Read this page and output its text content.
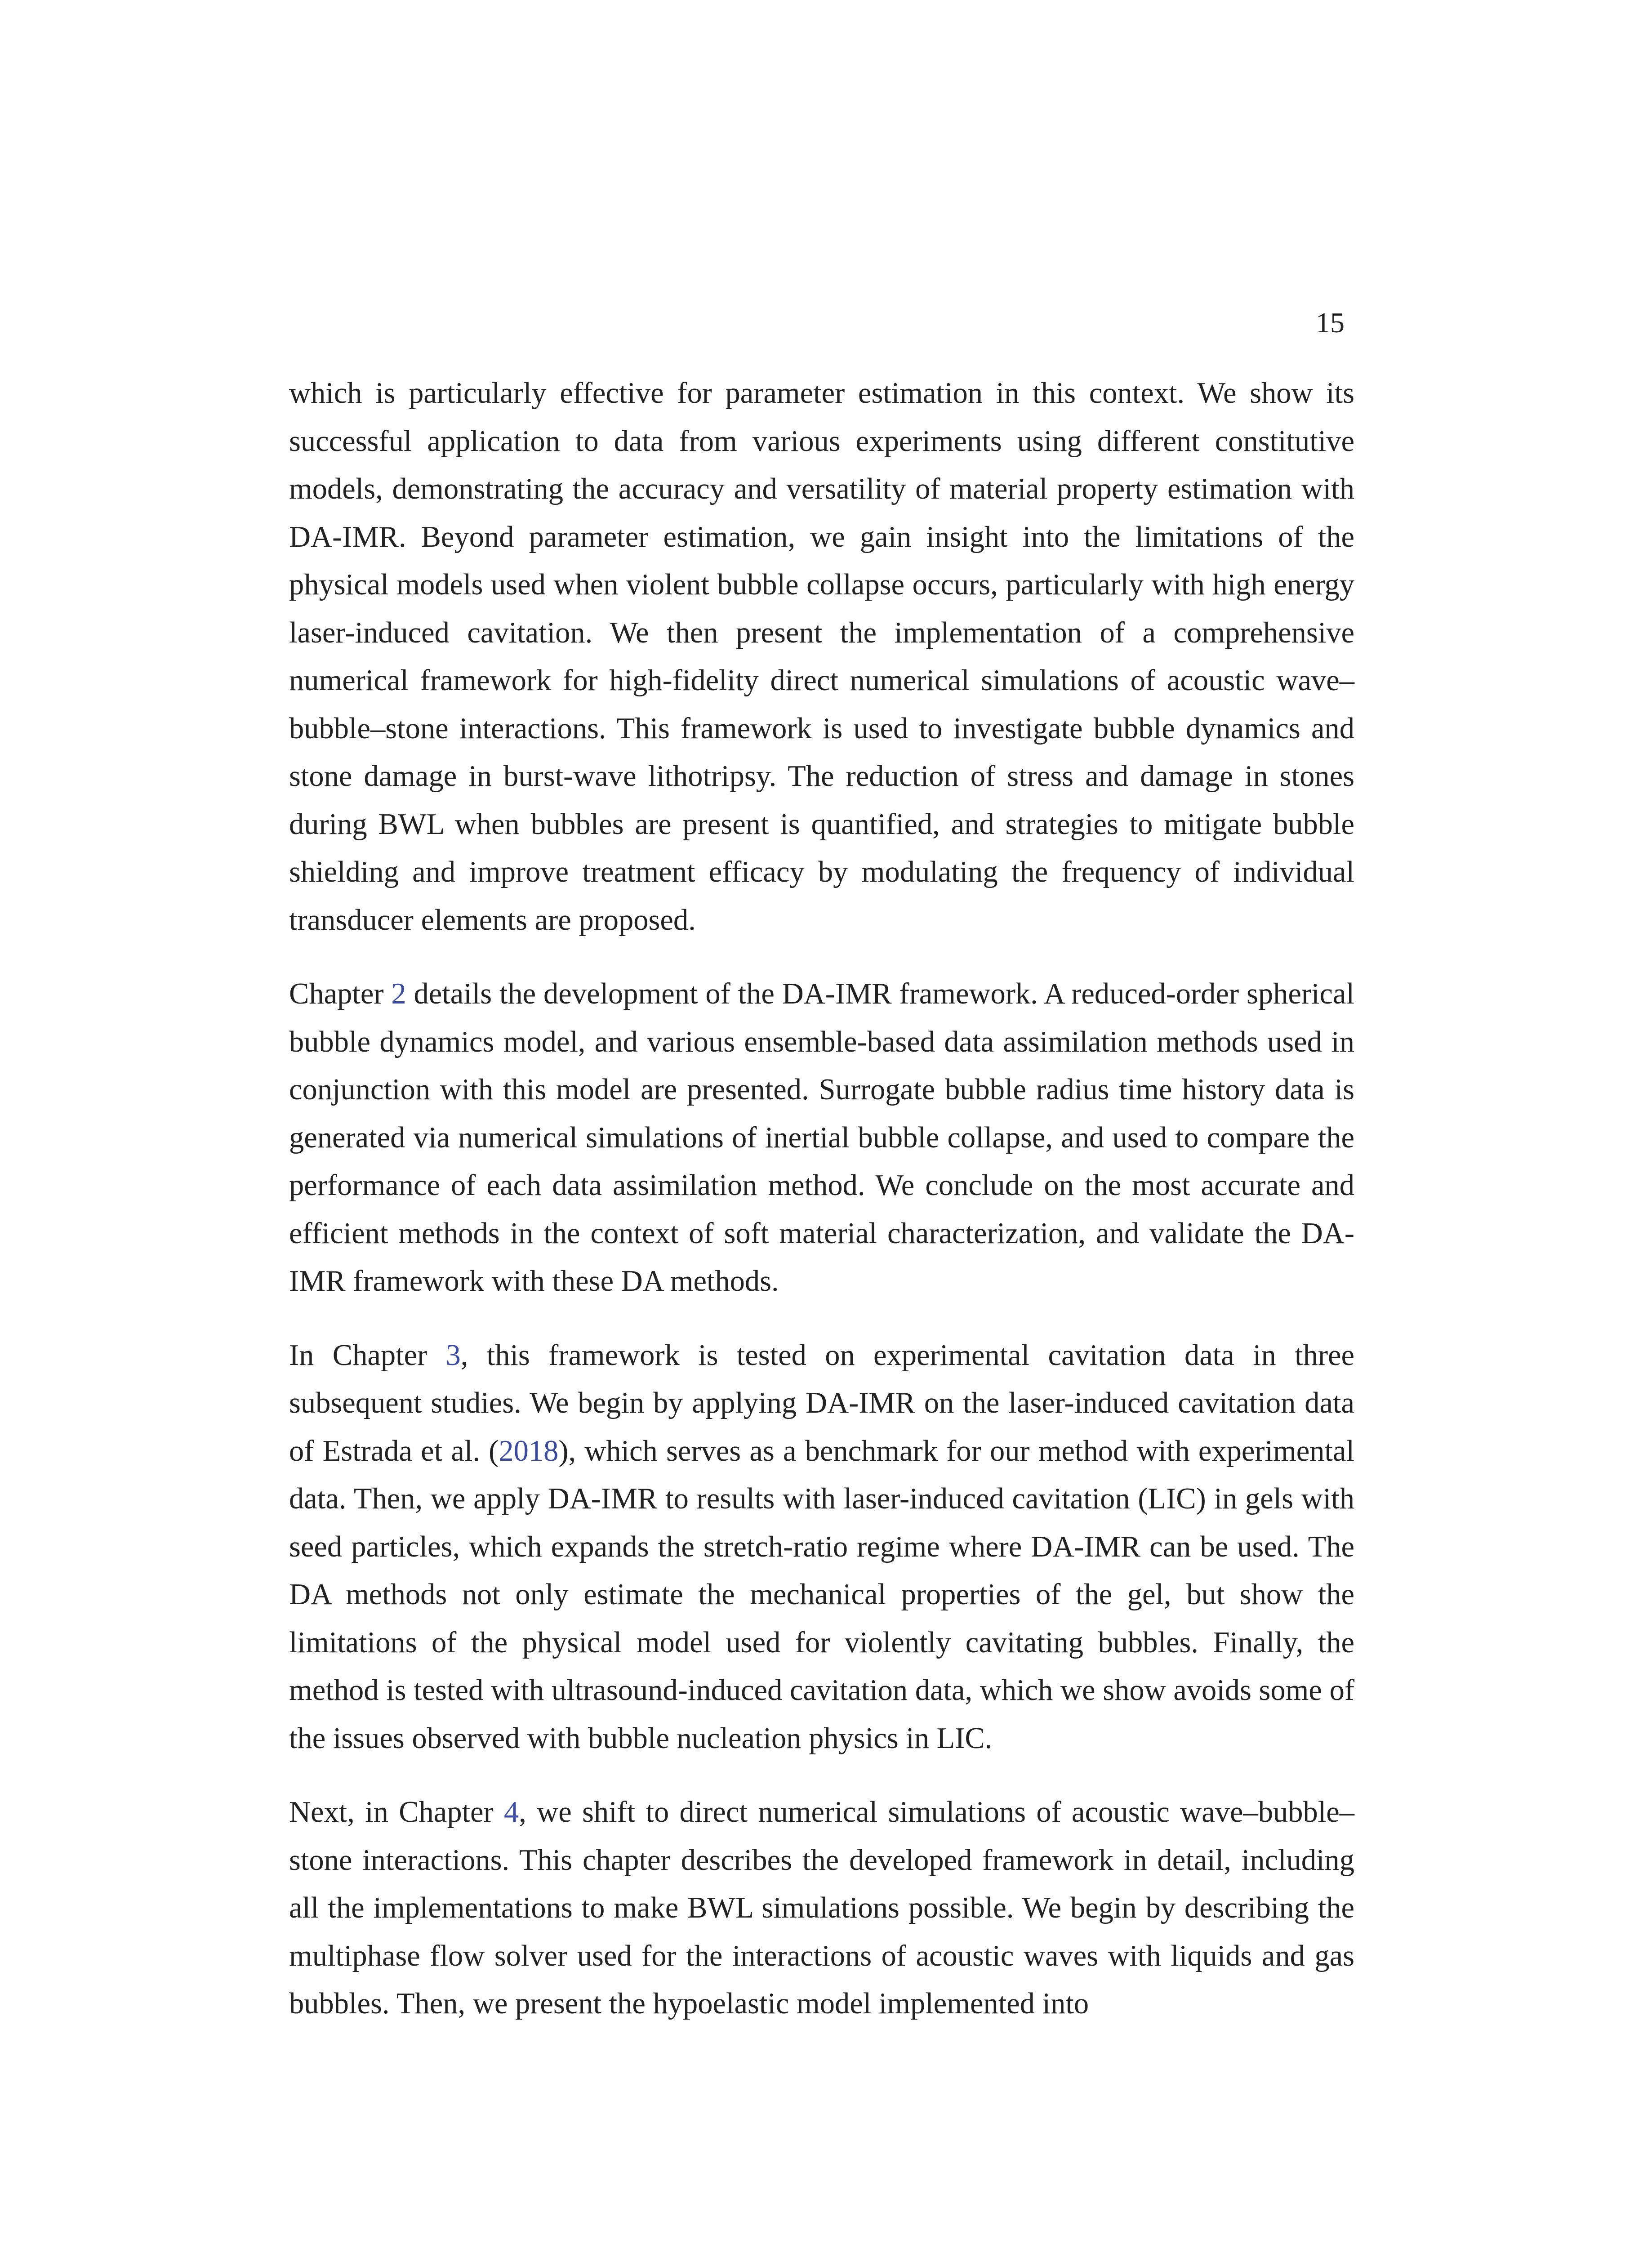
15

which is particularly effective for parameter estimation in this context. We show its successful application to data from various experiments using different constitutive models, demonstrating the accuracy and versatility of material property estimation with DA-IMR. Beyond parameter estimation, we gain insight into the limitations of the physical models used when violent bubble collapse occurs, particularly with high energy laser-induced cavitation. We then present the implementation of a comprehensive numerical framework for high-fidelity direct numerical simulations of acoustic wave–bubble–stone interactions. This framework is used to investigate bubble dynamics and stone damage in burst-wave lithotripsy. The reduction of stress and damage in stones during BWL when bubbles are present is quantified, and strategies to mitigate bubble shielding and improve treatment efficacy by modulating the frequency of individual transducer elements are proposed.

Chapter 2 details the development of the DA-IMR framework. A reduced-order spherical bubble dynamics model, and various ensemble-based data assimilation methods used in conjunction with this model are presented. Surrogate bubble radius time history data is generated via numerical simulations of inertial bubble collapse, and used to compare the performance of each data assimilation method. We conclude on the most accurate and efficient methods in the context of soft material characterization, and validate the DA-IMR framework with these DA methods.

In Chapter 3, this framework is tested on experimental cavitation data in three subsequent studies. We begin by applying DA-IMR on the laser-induced cavitation data of Estrada et al. (2018), which serves as a benchmark for our method with experimental data. Then, we apply DA-IMR to results with laser-induced cavitation (LIC) in gels with seed particles, which expands the stretch-ratio regime where DA-IMR can be used. The DA methods not only estimate the mechanical properties of the gel, but show the limitations of the physical model used for violently cavitating bubbles. Finally, the method is tested with ultrasound-induced cavitation data, which we show avoids some of the issues observed with bubble nucleation physics in LIC.

Next, in Chapter 4, we shift to direct numerical simulations of acoustic wave–bubble–stone interactions. This chapter describes the developed framework in detail, including all the implementations to make BWL simulations possible. We begin by describing the multiphase flow solver used for the interactions of acoustic waves with liquids and gas bubbles. Then, we present the hypoelastic model implemented into
